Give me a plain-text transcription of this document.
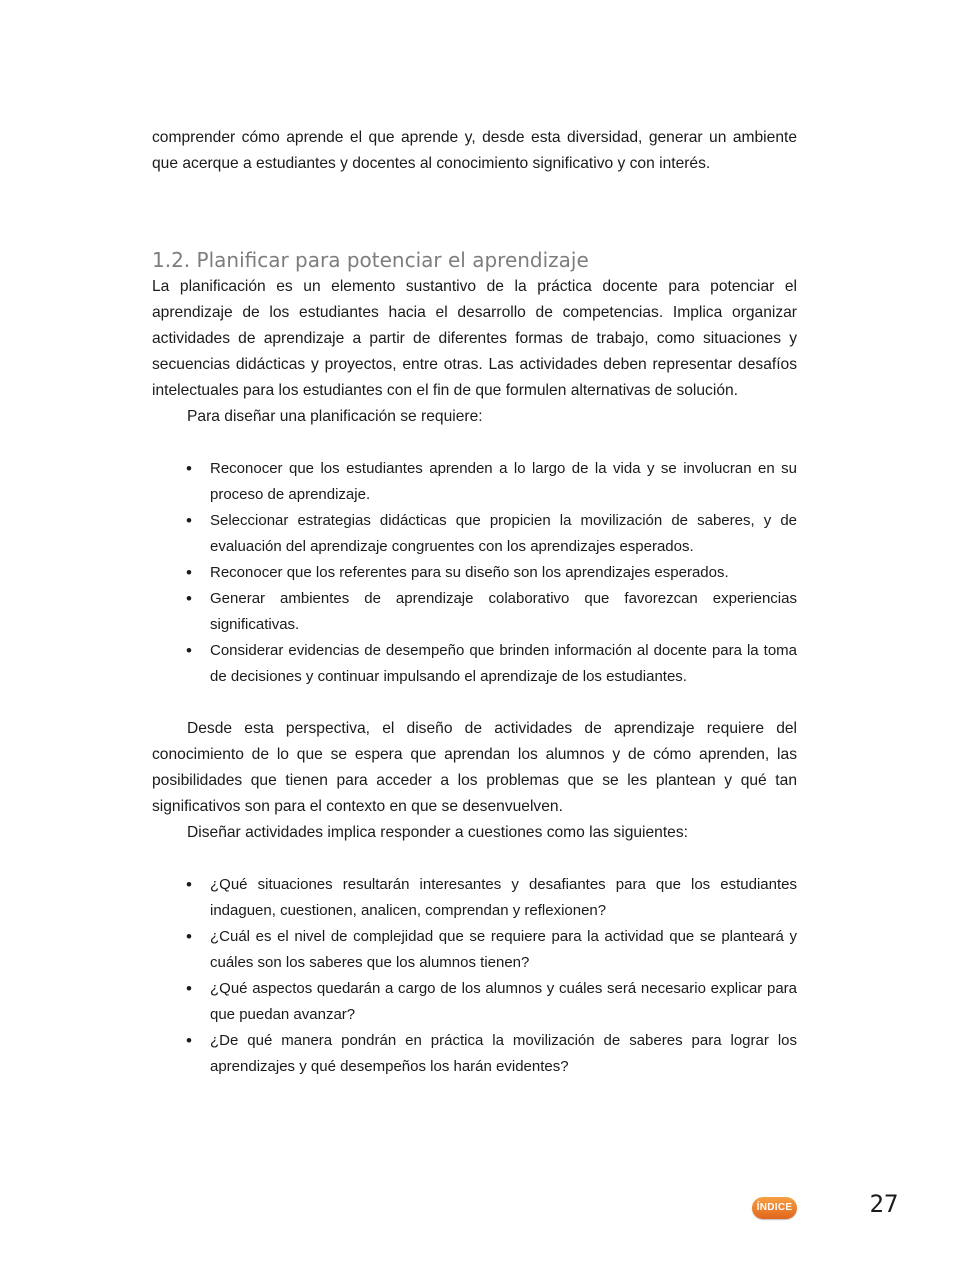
comprender cómo aprende el que aprende y, desde esta diversidad, generar un ambiente que acerque a estudiantes y docentes al conocimiento significativo y con interés.

1.2. Planificar para potenciar el aprendizaje

La planificación es un elemento sustantivo de la práctica docente para potenciar el aprendizaje de los estudiantes hacia el desarrollo de competencias. Implica organizar actividades de aprendizaje a partir de diferentes formas de trabajo, como situaciones y secuencias didácticas y proyectos, entre otras. Las actividades deben representar desafíos intelectuales para los estudiantes con el fin de que formulen alternativas de solución.

Para diseñar una planificación se requiere:

• Reconocer que los estudiantes aprenden a lo largo de la vida y se involucran en su proceso de aprendizaje.
• Seleccionar estrategias didácticas que propicien la movilización de saberes, y de evaluación del aprendizaje congruentes con los aprendizajes esperados.
• Reconocer que los referentes para su diseño son los aprendizajes esperados.
• Generar ambientes de aprendizaje colaborativo que favorezcan experiencias significativas.
• Considerar evidencias de desempeño que brinden información al docente para la toma de decisiones y continuar impulsando el aprendizaje de los estudiantes.

Desde esta perspectiva, el diseño de actividades de aprendizaje requiere del conocimiento de lo que se espera que aprendan los alumnos y de cómo aprenden, las posibilidades que tienen para acceder a los problemas que se les plantean y qué tan significativos son para el contexto en que se desenvuelven.

Diseñar actividades implica responder a cuestiones como las siguientes:

• ¿Qué situaciones resultarán interesantes y desafiantes para que los estudiantes indaguen, cuestionen, analicen, comprendan y reflexionen?
• ¿Cuál es el nivel de complejidad que se requiere para la actividad que se planteará y cuáles son los saberes que los alumnos tienen?
• ¿Qué aspectos quedarán a cargo de los alumnos y cuáles será necesario explicar para que puedan avanzar?
• ¿De qué manera pondrán en práctica la movilización de saberes para lograr los aprendizajes y qué desempeños los harán evidentes?
ÍNDICE	27
